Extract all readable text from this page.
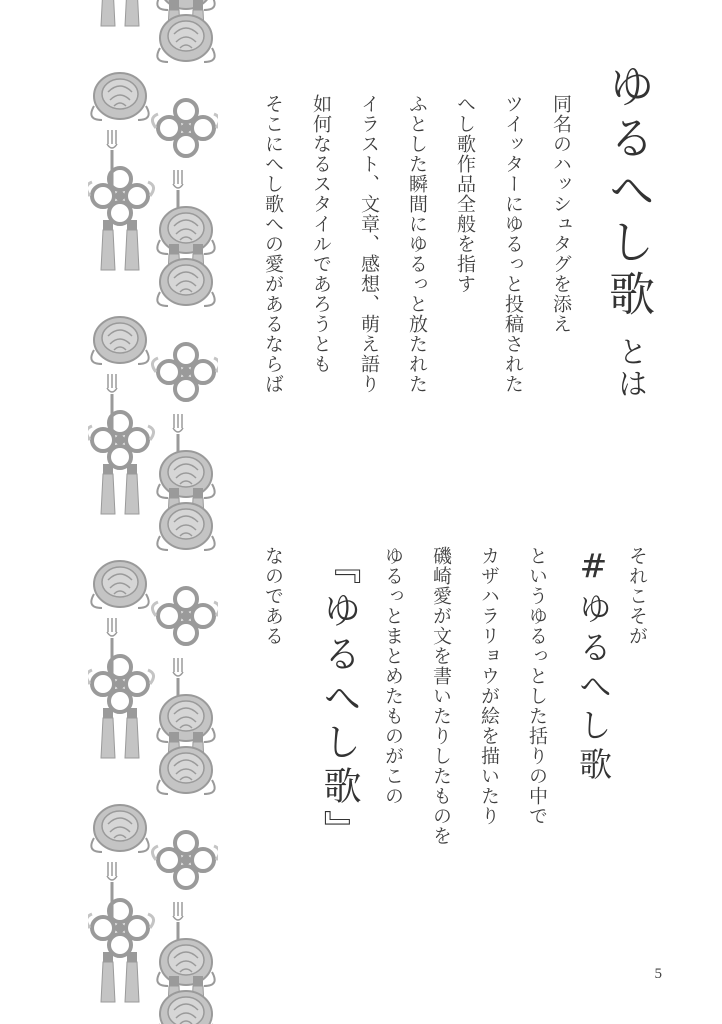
ゆるへし歌とは
同名のハッシュタグを添え
ツイッターにゆるっと投稿された
へし歌作品全般を指す
ふとした瞬間にゆるっと放たれた
イラスト、文章、感想、萌え語り
如何なるスタイルであろうとも
そこにへし歌への愛があるならば
それこそが
#ゆるへし歌
というゆるっとした括りの中で
カザハラリョウが絵を描いたり
磯崎愛が文を書いたりしたものを
ゆるっとまとめたものがこの
『ゆるへし歌』
なのである
5
